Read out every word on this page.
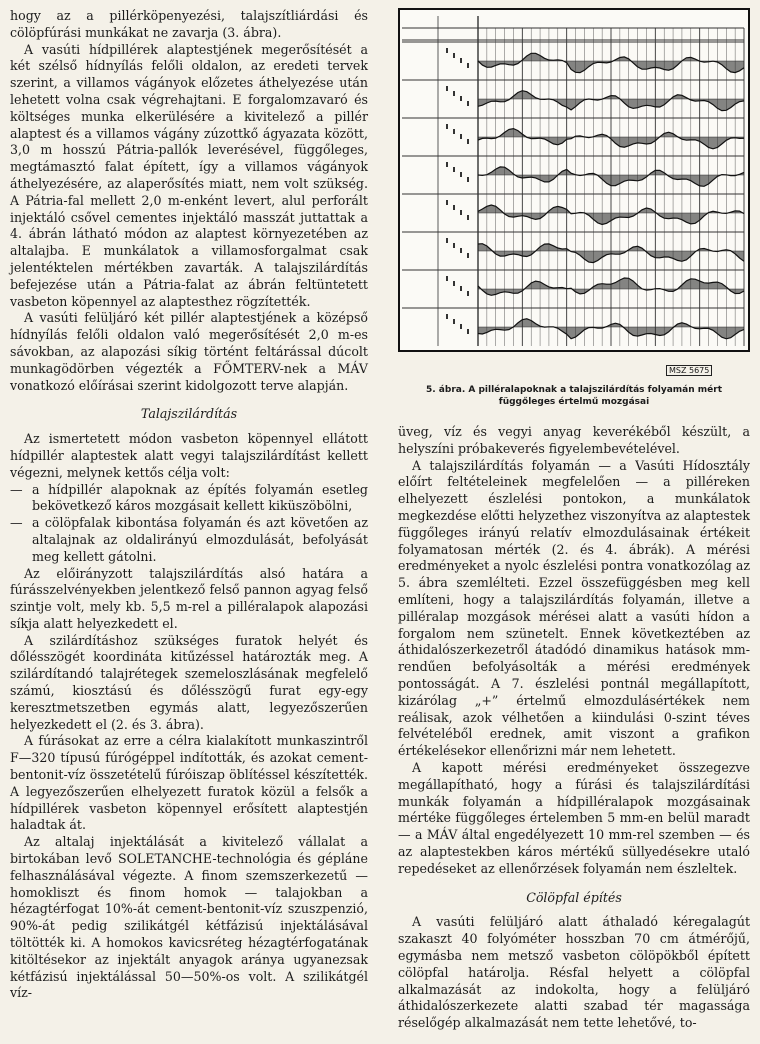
hogy az a pillérköpenyezési, talajszítliárdási és cölöpfúrási munkákat ne zavarja (3. ábra).

A vasúti hídpillérek alaptestjének megerősítését a két szélső hídnyílás felőli oldalon, az eredeti tervek szerint, a villamos vágányok előzetes áthelyezése után lehetett volna csak végrehajtani. E forgalomzavaró és költséges munka elkerülésére a kivitelező a pillér alaptest és a villamos vágány zúzottkő ágyazata között, 3,0 m hosszú Pátria-pallók leverésével, függőleges, megtámasztó falat épített, így a villamos vágányok áthelyezésére, az alaperősítés miatt, nem volt szükség. A Pátria-fal mellett 2,0 m-enként levert, alul perforált injektáló csővel cementes injektáló masszát juttattak a 4. ábrán látható módon az alaptest környezetében az altalajba. E munkálatok a villamosforgalmat csak jelentéktelen mértékben zavarták. A talajszilárdítás befejezése után a Pátria-falat az ábrán feltüntetett vasbeton köpennyel az alaptesthez rögzítették.

A vasúti felüljáró két pillér alaptestjének a középső hídnyílás felőli oldalon való megerősítését 2,0 m-es sávokban, az alapozási síkig történt feltárással dúcolt munkagödörben végezték a FŐMTERV-nek a MÁV vonatkozó előírásai szerint kidolgozott terve alapján.

Talajszilárdítás

Az ismertetett módon vasbeton köpennyel ellátott hídpillér alaptestek alatt vegyi talajszilárdítást kellett végezni, melynek kettős célja volt:

— a hídpillér alapoknak az építés folyamán esetleg bekövetkező káros mozgásait kellett kiküszöbölni,

— a cölöpfalak kibontása folyamán és azt követően az altalajnak az oldalirányú elmozdulását, befolyását meg kellett gátolni.

Az előirányzott talajszilárdítás alsó határa a fúrásszelvényekben jelentkező felső pannon agyag felső szintje volt, mely kb. 5,5 m-rel a pilléralapok alapozási síkja alatt helyezkedett el.

A szilárdításhoz szükséges furatok helyét és dőlésszögét koordináta kitűzéssel határozták meg. A szilárdítandó talajrétegek szemeloszlásának megfelelő számú, kiosztású és dőlésszögű furat egy-egy keresztmetszetben egymás alatt, legyezőszerűen helyezkedett el (2. és 3. ábra).

A fúrásokat az erre a célra kialakított munkaszintről F—320 típusú fúrógéppel indították, és azokat cement-bentonit-víz összetételű fúróiszap öblítéssel készítették. A legyezőszerűen elhelyezett furatok közül a felsők a hídpillérek vasbeton köpennyel erősített alaptestjén haladtak át.

Az altalaj injektálását a kivitelező vállalat a birtokában levő SOLETANCHE-technológia és gépláne felhasználásával végezte. A finom szemszerkezetű — homokliszt és finom homok — talajokban a hézagtérfogat 10%-át cement-bentonit-víz szuszpenzió, 90%-át pedig szilikátgél kétfázisú injektálásával töltötték ki. A homokos kavicsréteg hézagtérfogatának kitöltésekor az injektált anyagok aránya ugyanezsak kétfázisú injektálással 50—50%-os volt. A szilikátgél víz-

MSZ 5675
5. ábra. A pilléralapoknak a talajszilárdítás folyamán mért függőleges értelmű mozgásai

üveg, víz és vegyi anyag keverékéből készült, a helyszíni próbakeverés figyelembevételével.

A talajszilárdítás folyamán — a Vasúti Hídosztály előírt feltételeinek megfelelően — a pilléreken elhelyezett észlelési pontokon, a munkálatok megkezdése előtti helyzethez viszonyítva az alaptestek függőleges irányú relatív elmozdulásainak értékeit folyamatosan mérték (2. és 4. ábrák). A mérési eredményeket a nyolc észlelési pontra vonatkozólag az 5. ábra szemlélteti. Ezzel összefüggésben meg kell említeni, hogy a talajszilárdítás folyamán, illetve a pilléralap mozgások mérései alatt a vasúti hídon a forgalom nem szünetelt. Ennek következtében az áthidalószerkezetről átadódó dinamikus hatások mm-rendűen befolyásolták a mérési eredmények pontosságát. A 7. észlelési pontnál megállapított, kizárólag „+” értelmű elmozdulásértékek nem reálisak, azok vélhetően a kiindulási 0-szint téves felvételéből erednek, amit viszont a grafikon értékelésekor ellenőrizni már nem lehetett.

A kapott mérési eredményeket összegezve megállapítható, hogy a fúrási és talajszilárdítási munkák folyamán a hídpilléralapok mozgásainak mértéke függőleges értelemben 5 mm-en belül maradt — a MÁV által engedélyezett 10 mm-rel szemben — és az alaptestekben káros mértékű süllyedésekre utaló repedéseket az ellenőrzések folyamán nem észleltek.

Cölöpfal építés

A vasúti felüljáró alatt áthaladó kéregalagút szakaszt 40 folyóméter hosszban 70 cm átmérőjű, egymásba nem metsző vasbeton cölöpökből épített cölöpfal határolja. Résfal helyett a cölöpfal alkalmazását az indokolta, hogy a felüljáró áthidalószerkezete alatti szabad tér magassága réselőgép alkalmazását nem tette lehetővé, to-
